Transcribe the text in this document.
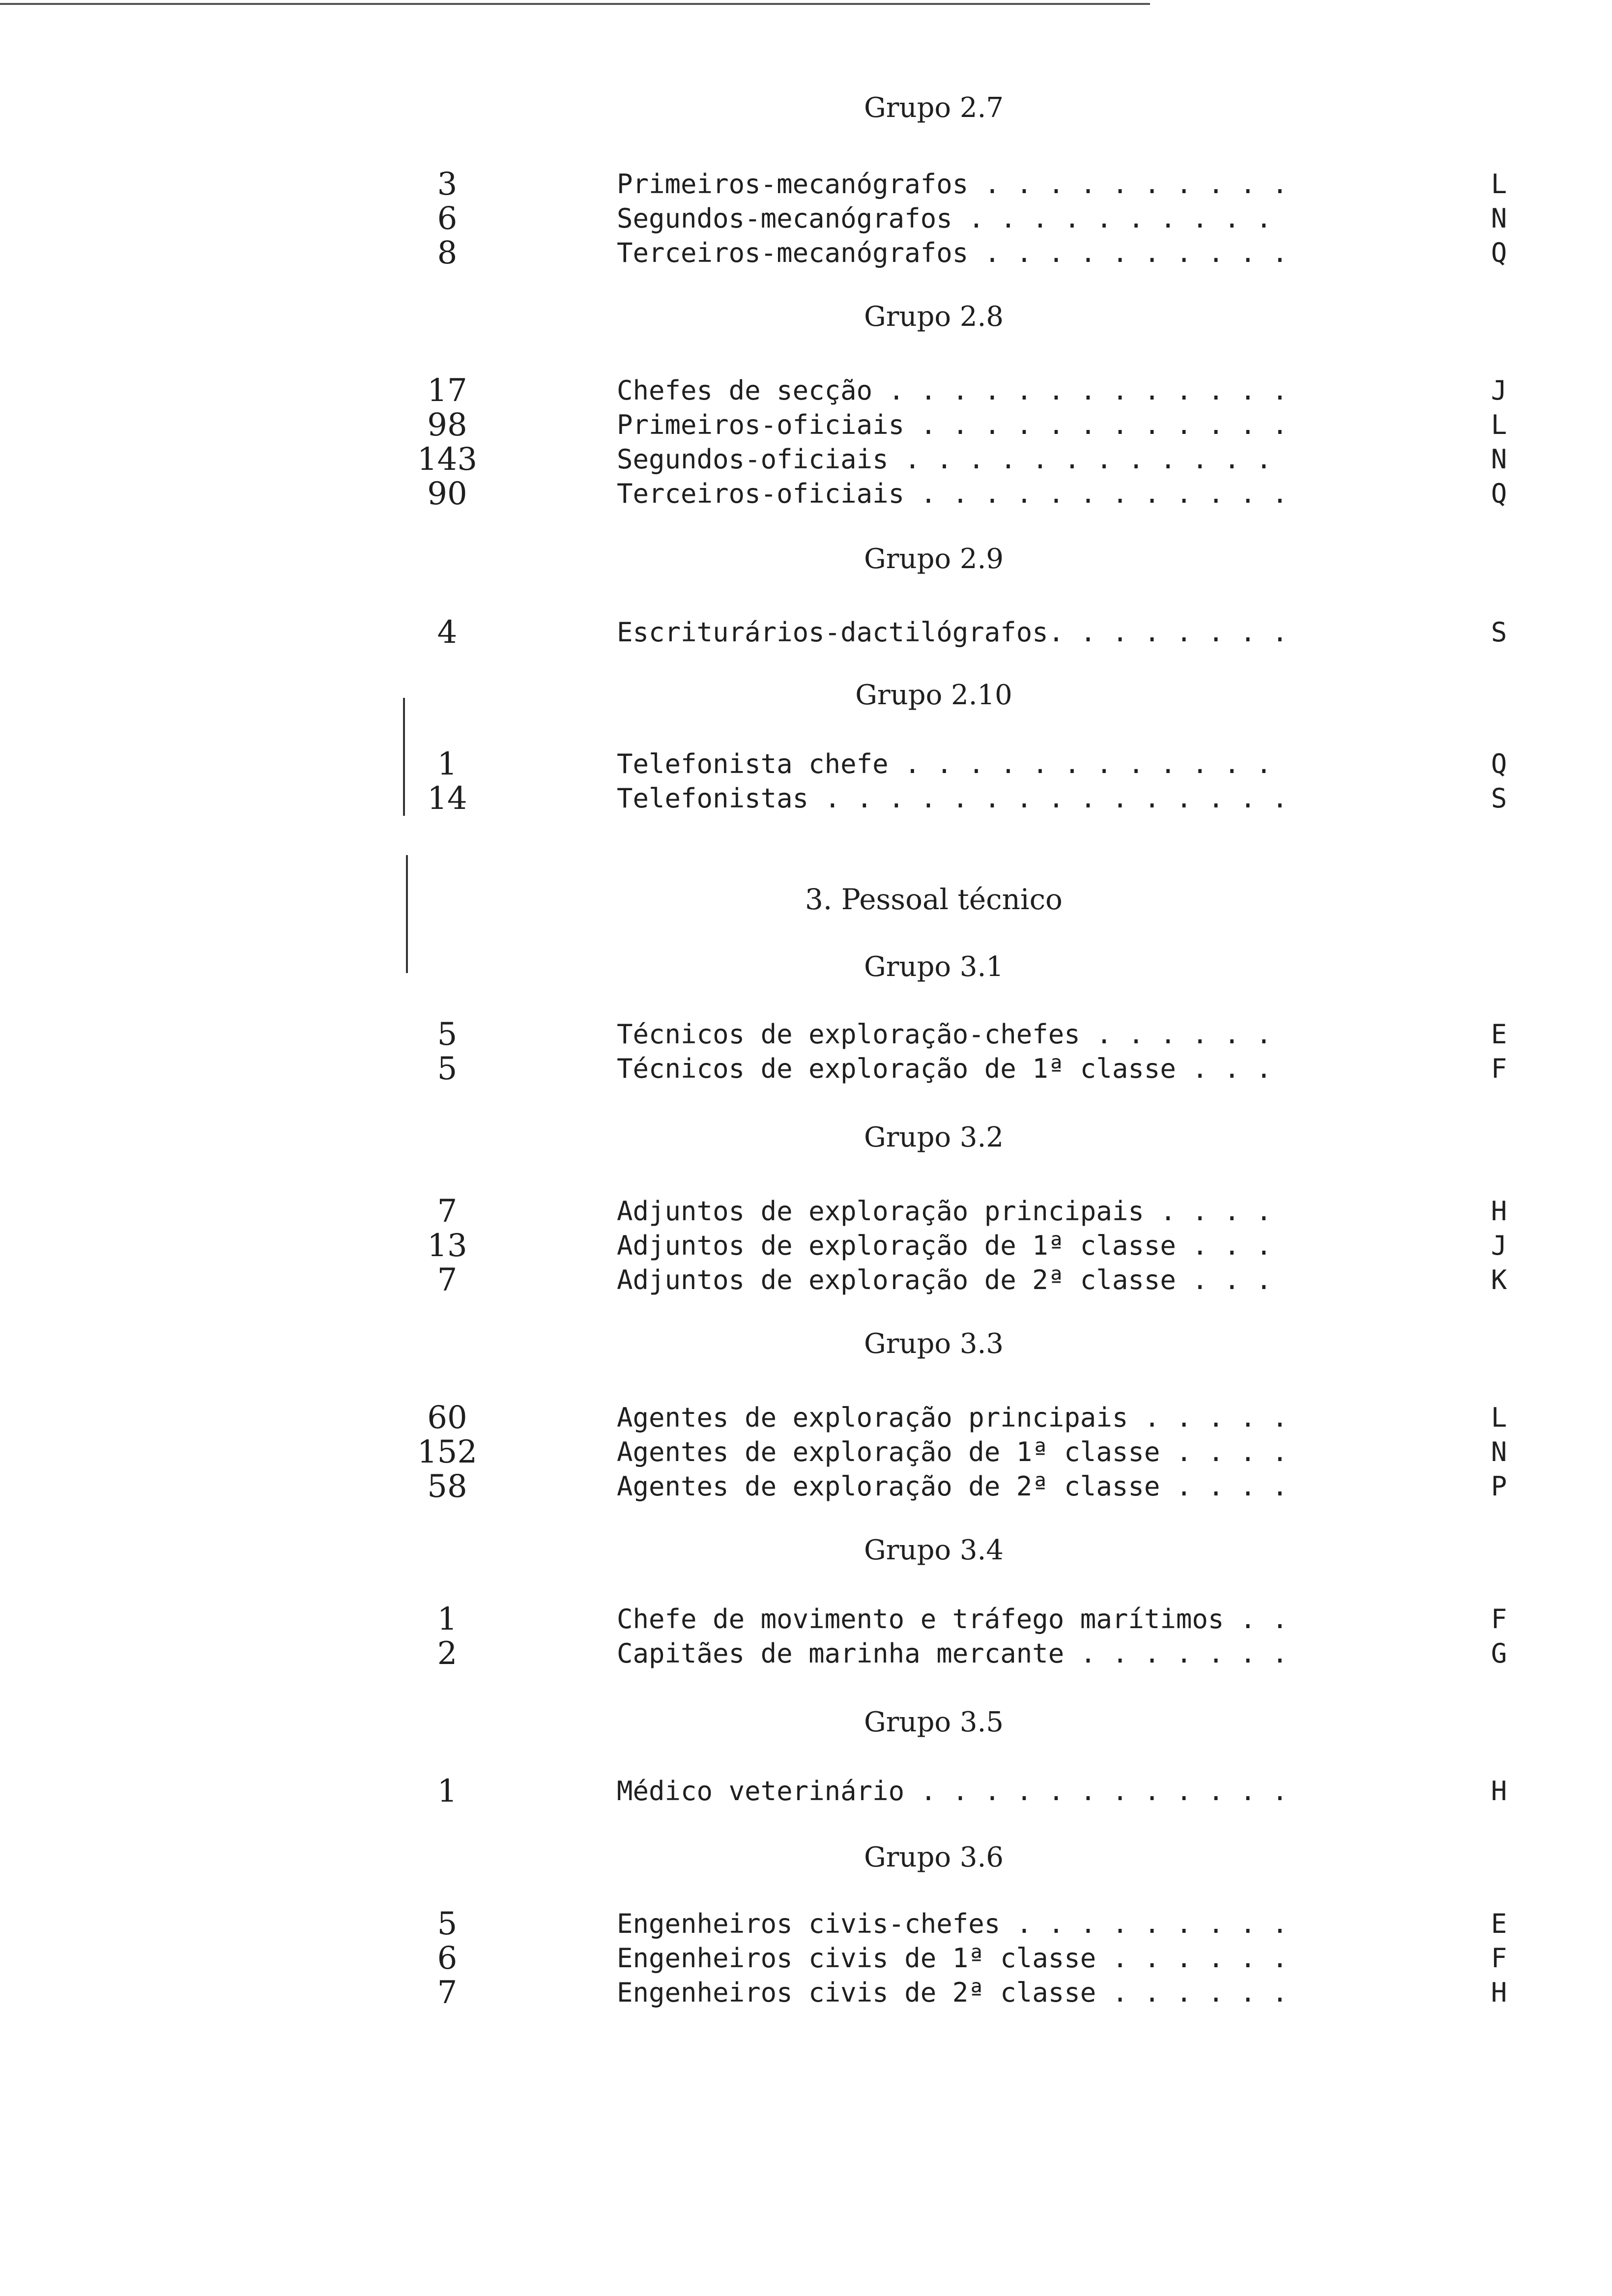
Grupo 2.7
3	Primeiros-mecanógrafos . . . . . . . . . .	L
6	Segundos-mecanógrafos . . . . . . . . . .	N
8	Terceiros-mecanógrafos . . . . . . . . . .	Q
Grupo 2.8
17	Chefes de secção . . . . . . . . . . . . .	J
98	Primeiros-oficiais . . . . . . . . . . . .	L
143	Segundos-oficiais . . . . . . . . . . . .	N
90	Terceiros-oficiais . . . . . . . . . . . .	Q
Grupo 2.9
4	Escriturários-dactilógrafos. . . . . . . .	S
Grupo 2.10
1	Telefonista chefe . . . . . . . . . . . .	Q
14	Telefonistas . . . . . . . . . . . . . . .	S
3. Pessoal técnico
Grupo 3.1
5	Técnicos de exploração-chefes . . . . . .	E
5	Técnicos de exploração de 1ª classe . . .	F
Grupo 3.2
7	Adjuntos de exploração principais . . . .	H
13	Adjuntos de exploração de 1ª classe . . .	J
7	Adjuntos de exploração de 2ª classe . . .	K
Grupo 3.3
60	Agentes de exploração principais . . . . .	L
152	Agentes de exploração de 1ª classe . . . .	N
58	Agentes de exploração de 2ª classe . . . .	P
Grupo 3.4
1	Chefe de movimento e tráfego marítimos . .	F
2	Capitães de marinha mercante . . . . . . .	G
Grupo 3.5
1	Médico veterinário . . . . . . . . . . . .	H
Grupo 3.6
5	Engenheiros civis-chefes . . . . . . . . .	E
6	Engenheiros civis de 1ª classe . . . . . .	F
7	Engenheiros civis de 2ª classe . . . . . .	H
